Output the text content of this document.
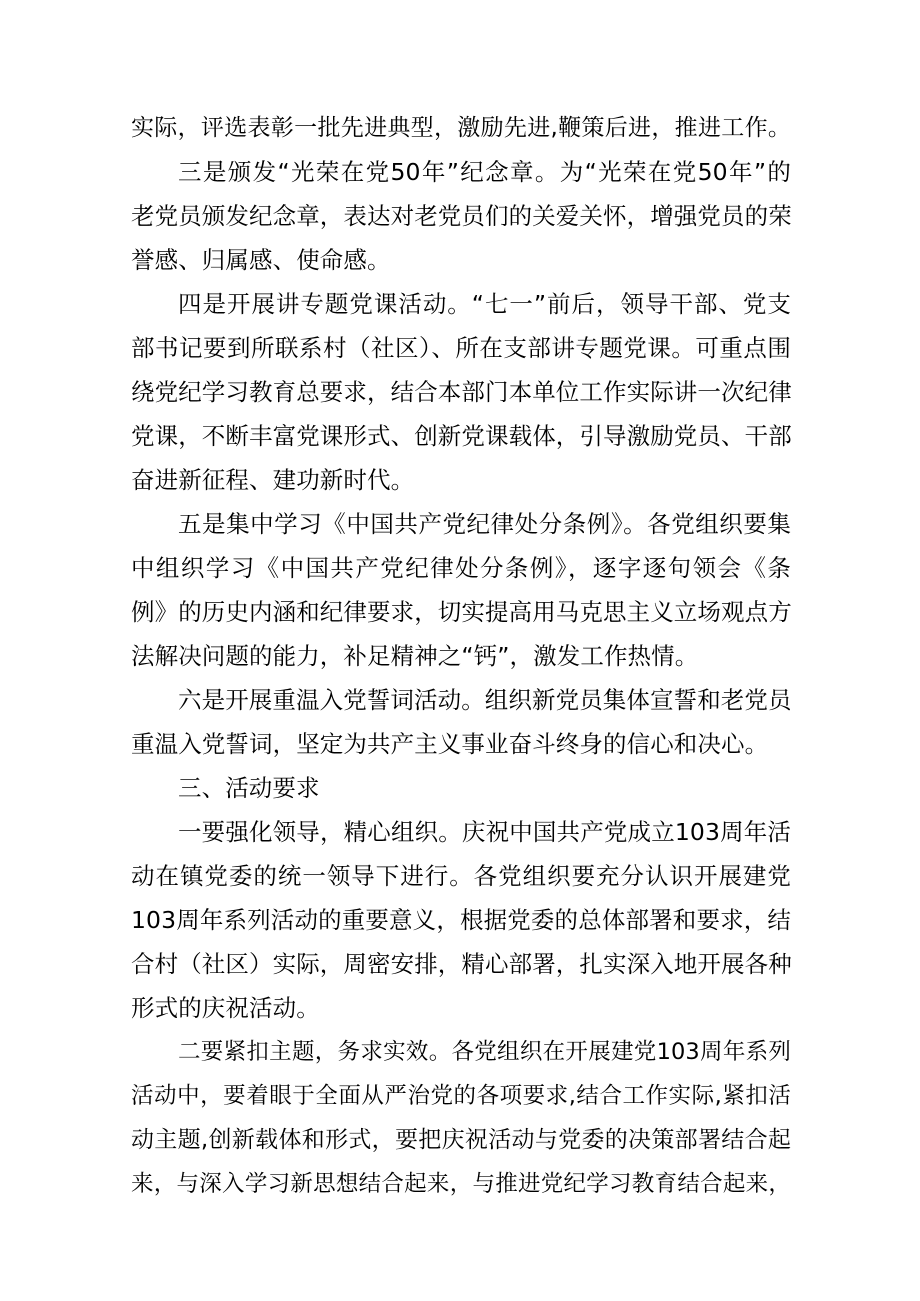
实际，评选表彰一批先进典型，激励先进,鞭策后进，推进工作。
三是颁发“光荣在党50年”纪念章。为“光荣在党50年”的
老党员颁发纪念章，表达对老党员们的关爱关怀，增强党员的荣
誉感、归属感、使命感。
四是开展讲专题党课活动。“七一”前后，领导干部、党支
部书记要到所联系村（社区）、所在支部讲专题党课。可重点围
绕党纪学习教育总要求，结合本部门本单位工作实际讲一次纪律
党课，不断丰富党课形式、创新党课载体，引导激励党员、干部
奋进新征程、建功新时代。
五是集中学习《中国共产党纪律处分条例》。各党组织要集
中组织学习《中国共产党纪律处分条例》，逐字逐句领会《条
例》的历史内涵和纪律要求，切实提高用马克思主义立场观点方
法解决问题的能力，补足精神之“钙”，激发工作热情。
六是开展重温入党誓词活动。组织新党员集体宣誓和老党员
重温入党誓词，坚定为共产主义事业奋斗终身的信心和决心。
三、活动要求
一要强化领导，精心组织。庆祝中国共产党成立103周年活
动在镇党委的统一领导下进行。各党组织要充分认识开展建党
103周年系列活动的重要意义，根据党委的总体部署和要求，结
合村（社区）实际，周密安排，精心部署，扎实深入地开展各种
形式的庆祝活动。
二要紧扣主题，务求实效。各党组织在开展建党103周年系列
活动中，要着眼于全面从严治党的各项要求,结合工作实际,紧扣活
动主题,创新载体和形式，要把庆祝活动与党委的决策部署结合起
来，与深入学习新思想结合起来，与推进党纪学习教育结合起来，
